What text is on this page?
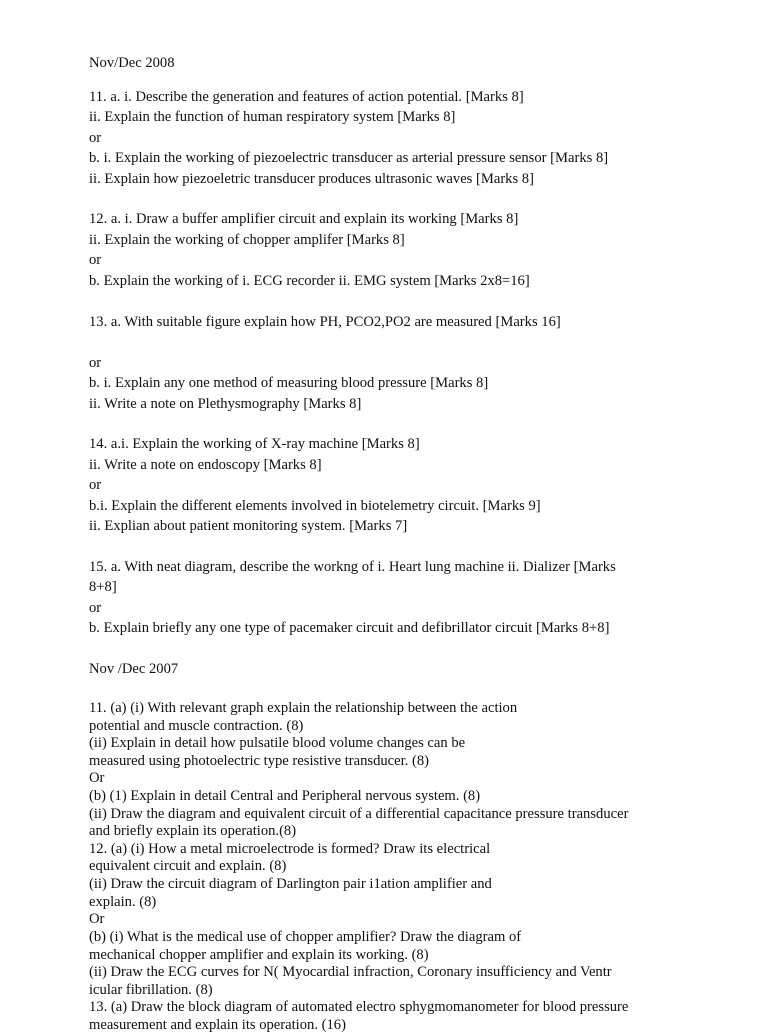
Nov/Dec 2008
11. a. i. Describe the generation and features of action potential. [Marks 8]
ii. Explain the function of human respiratory system [Marks 8]
or
b. i. Explain the working of piezoelectric transducer as arterial pressure sensor [Marks 8]
ii. Explain how piezoeletric transducer produces ultrasonic waves [Marks 8]
12. a. i. Draw a buffer amplifier circuit and explain its working [Marks 8]
ii. Explain the working of chopper amplifer [Marks 8]
or
b. Explain the working of i. ECG recorder ii. EMG system [Marks 2x8=16]
13. a. With suitable figure explain how PH, PCO2,PO2 are measured [Marks 16]
or
b. i. Explain any one method of measuring blood pressure [Marks 8]
ii. Write a note on Plethysmography [Marks 8]
14. a.i. Explain the working of X-ray machine [Marks 8]
ii. Write a note on endoscopy [Marks 8]
or
b.i. Explain the different elements involved in biotelemetry circuit. [Marks 9]
ii. Explian about patient monitoring system. [Marks 7]
15. a. With neat diagram, describe the workng of i. Heart lung machine ii. Dializer [Marks
8+8]
or
b. Explain briefly any one type of pacemaker circuit and defibrillator circuit [Marks 8+8]
Nov /Dec 2007
11. (a) (i) With relevant graph explain the relationship between the action
potential and muscle contraction. (8)
(ii) Explain in detail how pulsatile blood volume changes can be
measured using photoelectric type resistive transducer. (8)
Or
(b) (1) Explain in detail Central and Peripheral nervous system. (8)
(ii) Draw the diagram and equivalent circuit of a differential capacitance pressure transducer
and briefly explain its operation.(8)
12. (a) (i) How a metal microelectrode is formed? Draw its electrical
equivalent circuit and explain. (8)
(ii) Draw the circuit diagram of Darlington pair i1ation amplifier and
explain. (8)
Or
(b) (i) What is the medical use of chopper amplifier? Draw the diagram of
mechanical chopper amplifier and explain its working. (8)
(ii) Draw the ECG curves for N( Myocardial infraction, Coronary insufficiency and Ventr
icular fibrillation. (8)
13. (a) Draw the block diagram of automated electro sphygmomanometer for blood pressure
measurement and explain its operation. (16)
